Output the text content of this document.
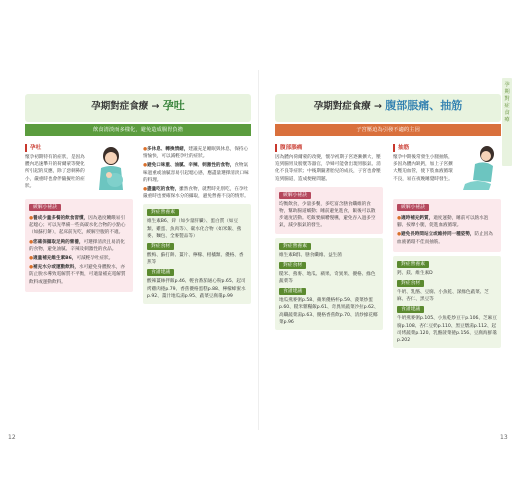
孕期對症食療 → 孕吐
飲食清淡而多樣化，避免造成腸胃負擔
孕吐
懷孕初期特有的症狀，是因為體內迅速攀升的荷爾蒙等變化所引起的反應，除了惡刺鼻的小，嚴重時也會伴隨擬吐的症狀。
緩解小祕訣
●養成少量多餐的飲食習慣，因為過度饑餓易引起噁心；可以先準備一些高碳水化合物的小點心（如蘇打餅），起床前先吃，緩解空腹的不適。
●您確保攝取足夠的營養，可選擇清淡且易消化的食物，避免油膩、辛辣及刺激性的食品。
●適量補充維生素B6，可減輕孕吐症狀。
●補充水分或運動飲料，水可避免身體脫水，亦防止脫水導致電解質不平衡，可適量補充電解質飲料或運動飲料。
●多休息、轉換情緒，建議充足睡眠與休息，保持心情愉快，可以減輕孕吐的症狀。
●避免口味重、油膩、辛辣、刺激性的食物，食物氣味過重或油膩容易引起噁心感，應盡量選擇清淡口味的料理。
●盡量吃的食物，雖然食物，就暫時先別吃，在孕吐嚴重時也要確保水分的攝取，避免營養不良的情形。
對症營養素
維生素B6、鋅（如少量肝臟）、蛋白質（如豆類、雞蛋、魚肉等）、碳水化合物（如米飯、燕麥、麵包、全麥製品等）
對症食材
酸梅、蘇打餅、薑片、檸檬、柑橘類、優格、香蕉等
食譜建議
酸辣薑絲拌飯p.46、輕食番茄通心粉p.65、起司烤雞肉捲p.79、香蕉優格蛋糕p.88、檸檬蜂蜜水p.92、薑汁地瓜湯p.95、蔬菜豆腐羹p.99
12
孕期對症食療 → 腹部脹痛、抽筋
子宮壓迫為引發不適的主因
腹部脹痛
因為體內荷爾蒙的改變，懷孕初期子宮逐漸擴大，壓迫到腸胃及膀胱等器官，孕婦可能會出現胃脹氣、消化不良等症狀；中後期隨著胎兒的成長，子宮也會壓迫到腸道，造成便秘問題。
緩解小祕訣
均衡飲食，少量多餐，多吃富含膳食纖維的食物，幫助腸道蠕動；睡前避免進食，飯後可以散步適度活動。吃飯要細嚼慢嚥，避免吞入過多空氣，減少脹氣的發生。
對症營養素
維生素B群、膳食纖維、益生菌
對症食材
糙米、燕麥、地瓜、蘋果、奇異果、優格、綠色蔬菜等
食譜建議
地瓜燕麥粥p.58、蘋果優格杯p.59、菠菜炒蛋p.60、糙米雜糧飯p.61、奇異果蔬菜沙拉p.62、高纖蔬菜湯p.63、優格香蕉飲p.70、清炒綠花椰菜p.96
抽筋
懷孕中期後常發生小腿抽筋，多因為體內缺鈣，加上子宮擴大壓迫血管，使下肢血液循環不良，易在夜晚睡覺時發生。
緩解小祕訣
●適時補充鈣質，適度運動，睡前可以熱水泡腳、按摩小腿，促進血液循環。
●避免長時間站立或維持同一種姿勢，防止因為血液循環不佳而抽筋。
對症營養素
鈣、鎂、維生素D
對症食材
牛奶、乳酪、豆腐、小魚乾、深綠色蔬菜、芝麻、杏仁、黑豆等
食譜建議
牛奶燕麥粥p.105、小魚乾炒豆干p.106、芝麻豆腐p.108、杏仁豆奶p.110、黑豆燉湯p.112、起司烤蔬菜p.120、乳酪菠菜捲p.156、豆腐海鮮羹p.202
13
孕
期
對
症
食
療
